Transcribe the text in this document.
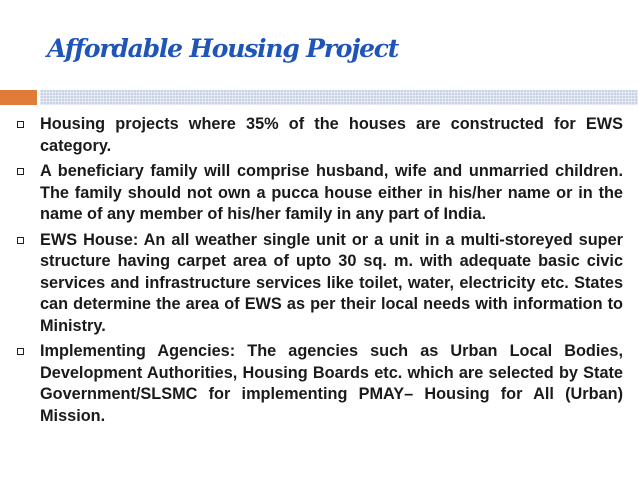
Affordable Housing Project
Housing projects where 35% of the houses are constructed for EWS category.
A beneficiary family will comprise husband, wife and unmarried children. The family should not own a pucca house either in his/her name or in the name of any member of his/her family in any part of India.
EWS House: An all weather single unit or a unit in a multi-storeyed super structure having carpet area of upto 30 sq. m. with adequate basic civic services and infrastructure services like toilet, water, electricity etc. States can determine the area of EWS as per their local needs with information to Ministry.
Implementing Agencies: The agencies such as Urban Local Bodies, Development Authorities, Housing Boards etc. which are selected by State Government/SLSMC for implementing PMAY– Housing for All (Urban) Mission.
